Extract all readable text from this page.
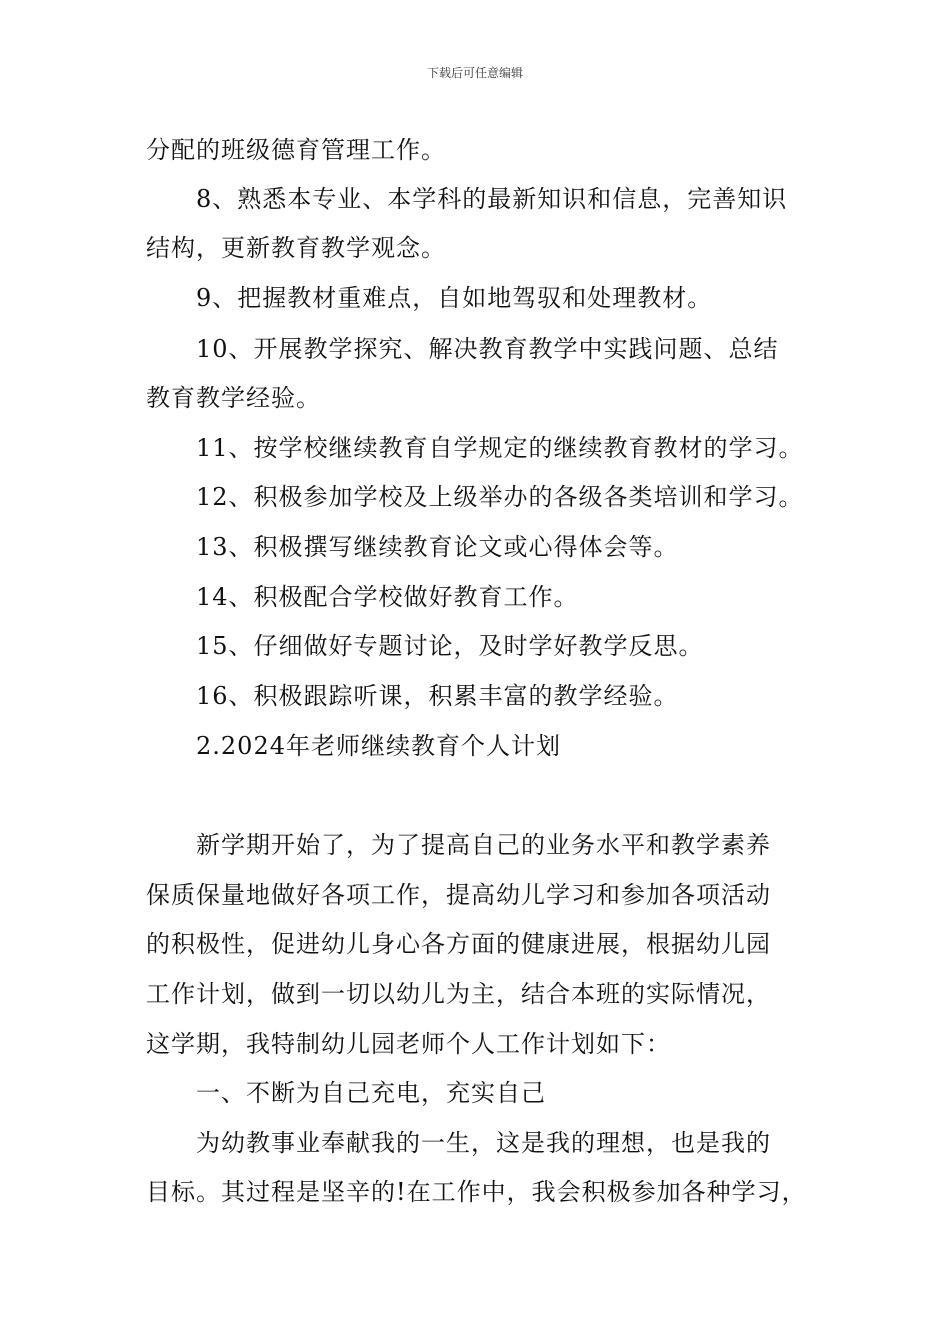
下载后可任意编辑
分配的班级德育管理工作。
8、熟悉本专业、本学科的最新知识和信息，完善知识
结构，更新教育教学观念。
9、把握教材重难点，自如地驾驭和处理教材。
10、开展教学探究、解决教育教学中实践问题、总结
教育教学经验。
11、按学校继续教育自学规定的继续教育教材的学习。
12、积极参加学校及上级举办的各级各类培训和学习。
13、积极撰写继续教育论文或心得体会等。
14、积极配合学校做好教育工作。
15、仔细做好专题讨论，及时学好教学反思。
16、积极跟踪听课，积累丰富的教学经验。
2.2024年老师继续教育个人计划
新学期开始了，为了提高自己的业务水平和教学素养
保质保量地做好各项工作，提高幼儿学习和参加各项活动
的积极性，促进幼儿身心各方面的健康进展，根据幼儿园
工作计划，做到一切以幼儿为主，结合本班的实际情况，
这学期，我特制幼儿园老师个人工作计划如下：
一、不断为自己充电，充实自己
为幼教事业奉献我的一生，这是我的理想，也是我的
目标。其过程是坚辛的!在工作中，我会积极参加各种学习，
